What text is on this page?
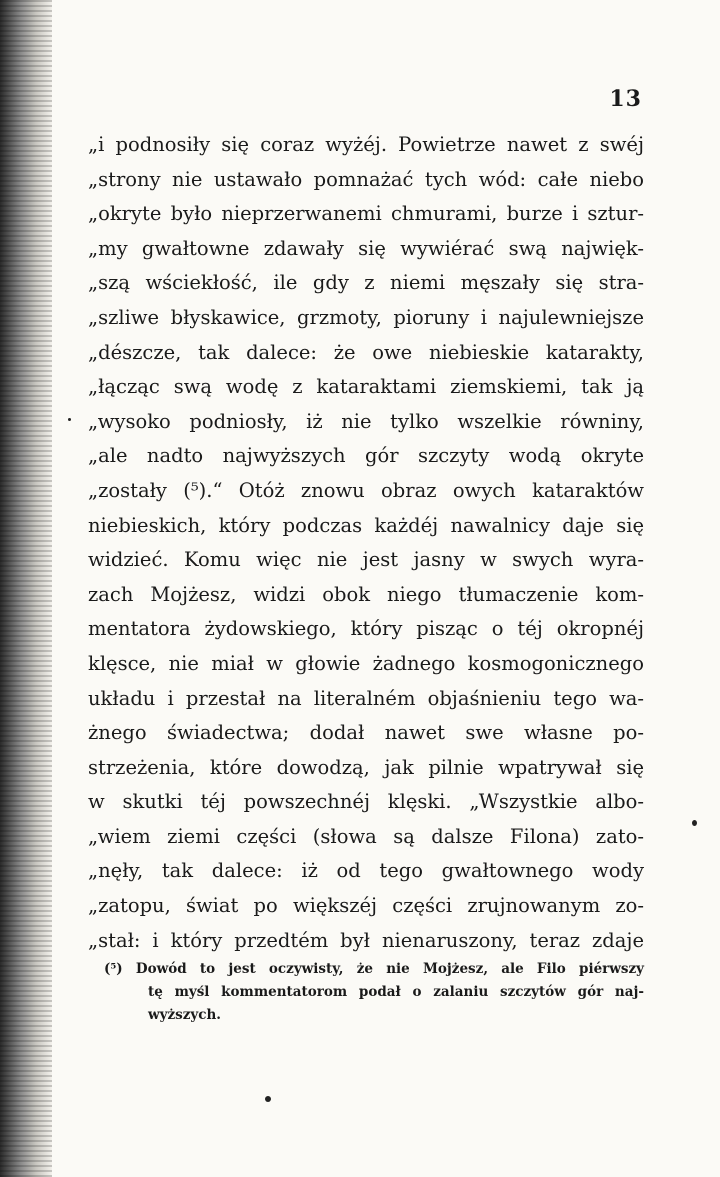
13
„i podnosiły się coraz wyżéj. Powietrze nawet z swéj
„strony nie ustawało pomnażać tych wód: całe niebo
„okryte było nieprzerwanemi chmurami, burze i sztur-
„my gwałtowne zdawały się wywiérać swą najwięk-
„szą wściekłość, ile gdy z niemi męszały się stra-
„szliwe błyskawice, grzmoty, pioruny i najulewniejsze
„dészcze, tak dalece: że owe niebieskie katarakty,
„łącząc swą wodę z kataraktami ziemskiemi, tak ją
„wysoko podniosły, iż nie tylko wszelkie równiny,
„ale nadto najwyższych gór szczyty wodą okryte
„zostały (⁵).“ Otóż znowu obraz owych kataraktów
niebieskich, który podczas każdéj nawalnicy daje się
widzieć. Komu więc nie jest jasny w swych wyra-
zach Mojżesz, widzi obok niego tłumaczenie kom-
mentatora żydowskiego, który pisząc o téj okropnéj
klęsce, nie miał w głowie żadnego kosmogonicznego
układu i przestał na literalném objaśnieniu tego wa-
żnego świadectwa; dodał nawet swe własne po-
strzeżenia, które dowodzą, jak pilnie wpatrywał się
w skutki téj powszechnéj klęski. „Wszystkie albo-
„wiem ziemi części (słowa są dalsze Filona) zato-
„nęły, tak dalece: iż od tego gwałtownego wody
„zatopu, świat po większéj części zrujnowanym zo-
„stał: i który przedtém był nienaruszony, teraz zdaje
(⁵) Dowód to jest oczywisty, że nie Mojżesz, ale Filo piérwszy
tę myśl kommentatorom podał o zalaniu szczytów gór naj-
wyższych.
